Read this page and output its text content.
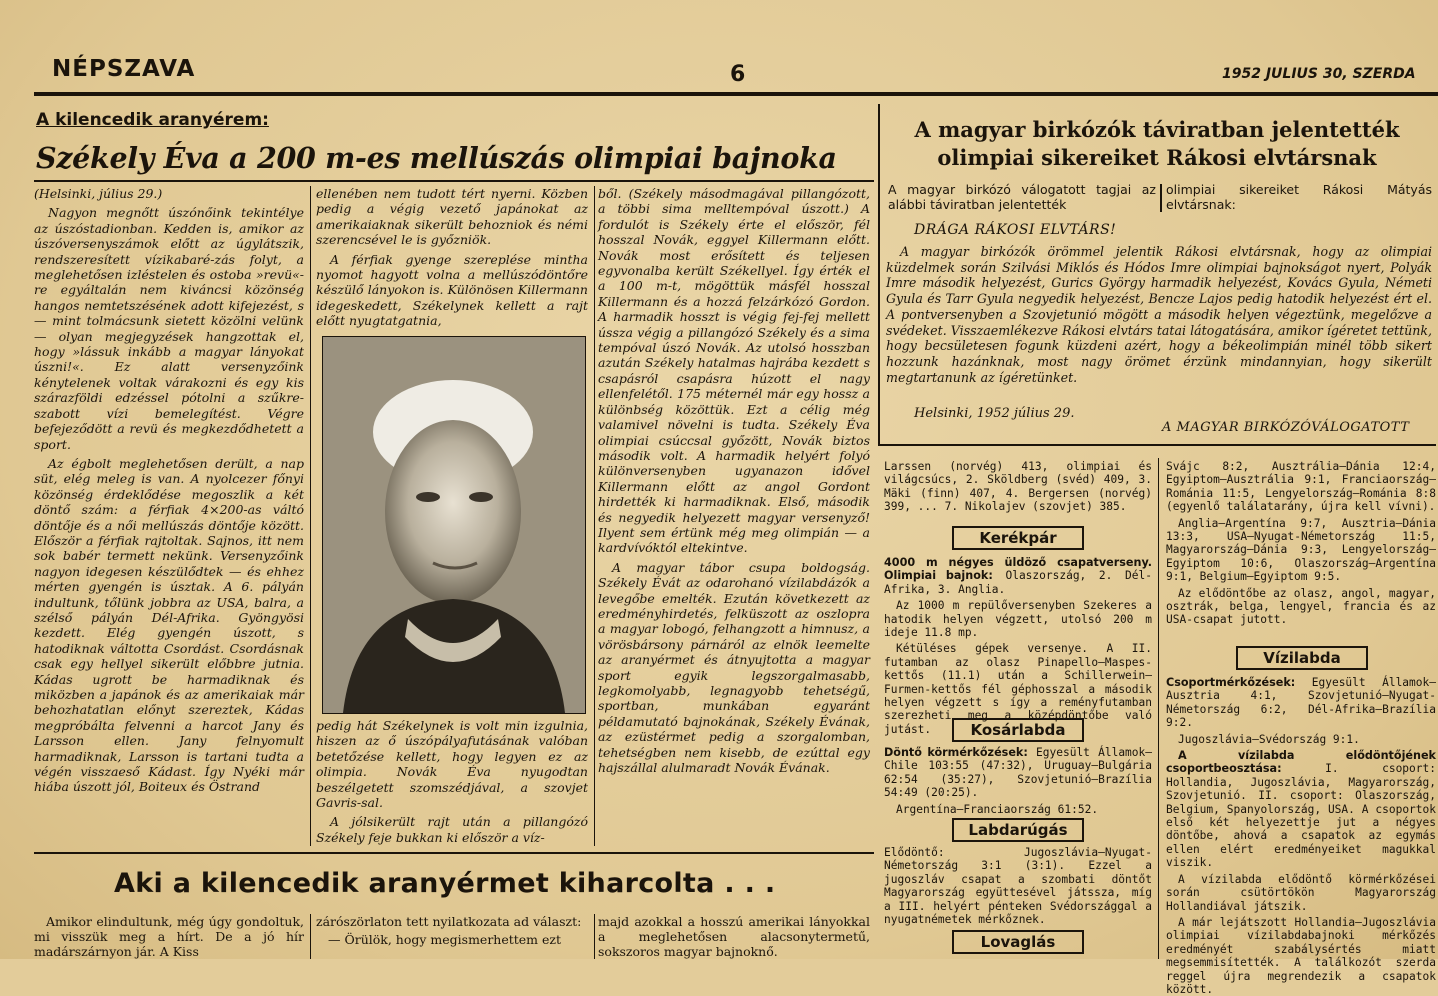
NÉPSZAVA	6	1952 JULIUS 30, SZERDA
A kilencedik aranyérem:
Székely Éva a 200 m-es mellúszás olimpiai bajnoka

(Helsinki, július 29.)

Nagyon megnőtt úszónőink tekintélye az úszóstadionban. Kedden is, amikor az úszóversenyszámok előtt az úgylátszik, rendszeresített vízikabaré-zás folyt, a meglehetősen izléstelen és ostoba »revü«-re egyáltalán nem kiváncsi közönség hangos nemtetszésének adott kifejezést, s — mint tolmácsunk sietett közölni velünk — olyan megjegyzések hangzottak el, hogy »lássuk inkább a magyar lányokat úszni!«. Ez alatt versenyzőink kénytelenek voltak várakozni és egy kis szárazföldi edzéssel pótolni a szűkre-szabott vízi bemelegítést. Végre befejeződött a revü és megkezdődhetett a sport.

Az égbolt meglehetősen derült, a nap süt, elég meleg is van. A nyolcezer főnyi közönség érdeklődése megoszlik a két döntő szám: a férfiak 4×200-as váltó döntője és a női mellúszás döntője között. Először a férfiak rajtoltak. Sajnos, itt nem sok babér termett nekünk. Versenyzőink nagyon idegesen készülődtek — és ehhez mérten gyengén is úsztak. A 6. pályán indultunk, tőlünk jobbra az USA, balra, a szélső pályán Dél-Afrika. Gyöngyösi kezdett. Elég gyengén úszott, s hatodiknak váltotta Csordást. Csordásnak csak egy hellyel sikerült előbbre jutnia. Kádas ugrott be harmadiknak és miközben a japánok és az amerikaiak már behozhatatlan előnyt szereztek, Kádas megpróbálta felvenni a harcot Jany és Larsson ellen. Jany felnyomult harmadiknak, Larsson is tartani tudta a végén visszaeső Kádast. Így Nyéki már hiába úszott jól, Boiteux és Östrand

ellenében nem tudott tért nyerni. Közben pedig a végig vezető japánokat az amerikaiaknak sikerült behozniok és némi szerencsével le is győzniök.

A férfiak gyenge szereplése mintha nyomot hagyott volna a mellúszódöntőre készülő lányokon is. Különösen Killermann idegeskedett, Székelynek kellett a rajt előtt nyugtatgatnia,

pedig hát Székelynek is volt min izgulnia, hiszen az ő úszópályafutásának valóban betetőzése kellett, hogy legyen ez az olimpia. Novák Éva nyugodtan beszélgetett szomszédjával, a szovjet Gavris-sal.

A jólsikerült rajt után a pillangózó Székely feje bukkan ki először a víz-

ből. (Székely másodmagával pillangózott, a többi sima melltempóval úszott.) A fordulót is Székely érte el először, fél hosszal Novák, eggyel Killermann előtt. Novák most erősített és teljesen egyvonalba került Székellyel. Így érték el a 100 m-t, mögöttük másfél hosszal Killermann és a hozzá felzárkózó Gordon. A harmadik hosszt is végig fej-fej mellett ússza végig a pillangózó Székely és a sima tempóval úszó Novák. Az utolsó hosszban azután Székely hatalmas hajrába kezdett s csapásról csapásra húzott el nagy ellenfelétől. 175 méternél már egy hossz a különbség közöttük. Ezt a célig még valamivel növelni is tudta. Székely Éva olimpiai csúccsal győzött, Novák biztos második volt. A harmadik helyért folyó különversenyben ugyanazon idővel Killermann előtt az angol Gordont hirdették ki harmadiknak. Első, második és negyedik helyezett magyar versenyző! Ilyent sem értünk még meg olimpián — a kardvívóktól eltekintve.

A magyar tábor csupa boldogság. Székely Évát az odarohanó vízilabdázók a levegőbe emelték. Ezután következett az eredményhirdetés, felküszott az oszlopra a magyar lobogó, felhangzott a himnusz, a vörösbársony párnáról az elnök leemelte az aranyérmet és átnyujtotta a magyar sport egyik legszorgalmasabb, legkomolyabb, legnagyobb tehetségű, sportban, munkában egyaránt példamutató bajnokának, Székely Évának, az ezüstérmet pedig a szorgalomban, tehetségben nem kisebb, de ezúttal egy hajszállal alulmaradt Novák Évának.

A magyar birkózók táviratban jelentették
olimpiai sikereiket Rákosi elvtársnak
A magyar birkózó válogatott tagjai az alábbi táviratban jelentették
olimpiai sikereiket Rákosi Mátyás elvtársnak:
DRÁGA RÁKOSI ELVTÁRS!

A magyar birkózók örömmel jelentik Rákosi elvtársnak, hogy az olimpiai küzdelmek során Szilvási Miklós és Hódos Imre olimpiai bajnokságot nyert, Polyák Imre második helyezést, Gurics György harmadik helyezést, Kovács Gyula, Németi Gyula és Tarr Gyula negyedik helyezést, Bencze Lajos pedig hatodik helyezést ért el. A pontversenyben a Szovjetunió mögött a második helyen végeztünk, megelőzve a svédeket. Visszaemlékezve Rákosi elvtárs tatai látogatására, amikor ígéretet tettünk, hogy becsületesen fogunk küzdeni azért, hogy a békeolimpián minél több sikert hozzunk hazánknak, most nagy örömet érzünk mindannyian, hogy sikerült megtartanunk az ígéretünket.

Helsinki, 1952 július 29.
A MAGYAR BIRKÓZÓVÁLOGATOTT

Larssen (norvég) 413, olimpiai és világcsúcs, 2. Sköldberg (svéd) 409, 3. Mäki (finn) 407, 4. Bergersen (norvég) 399, ... 7. Nikolajev (szovjet) 385.

Kerékpár

4000 m négyes üldöző csapatverseny. Olimpiai bajnok: Olaszország, 2. Dél-Afrika, 3. Anglia.

Az 1000 m repülőversenyben Szekeres a hatodik helyen végzett, utolsó 200 m ideje 11.8 mp.

Kétüléses gépek versenye. A II. futamban az olasz Pinapello—Maspes-kettős (11.1) után a Schillerwein—Furmen-kettős fél géphosszal a második helyen végzett s így a reményfutamban szerezheti meg a középdöntőbe való jutást.	Kosárlabda

Döntő körmérkőzések: Egyesült Államok—Chile 103:55 (47:32), Uruguay—Bulgária 62:54 (35:27), Szovjetunió—Brazília 54:49 (20:25).

Argentína—Franciaország 61:52.

Labdarúgás

Elődöntő: Jugoszlávia—Nyugat-Németország 3:1 (3:1). Ezzel a jugoszláv csapat a szombati döntőt Magyarország együttesével játssza, míg a III. helyért pénteken Svédországgal a nyugatnémetek mérkőznek.

Lovaglás

Svájc 8:2, Ausztrália—Dánia 12:4, Egyiptom—Ausztrália 9:1, Franciaország—Románia 11:5, Lengyelország—Románia 8:8 (egyenlő találatarány, újra kell vívni).

Anglia—Argentína 9:7, Ausztria—Dánia 13:3, USA—Nyugat-Németország 11:5, Magyarország—Dánia 9:3, Lengyelország—Egyiptom 10:6, Olaszország—Argentína 9:1, Belgium—Egyiptom 9:5.

Az elődöntőbe az olasz, angol, magyar, osztrák, belga, lengyel, francia és az USA-csapat jutott.

Vízilabda

Csoportmérkőzések: Egyesült Államok—Ausztria 4:1, Szovjetunió—Nyugat-Németország 6:2, Dél-Afrika—Brazília 9:2.

Jugoszlávia—Svédország 9:1.

A vízilabda elődöntőjének csoportbeosztása:	I. csoport: Hollandia, Jugoszlávia, Magyarország, Szovjetunió. II. csoport: Olaszország, Belgium, Spanyolország, USA. A csoportok első két helyezettje jut a négyes döntőbe, ahová a csapatok az egymás ellen elért eredményeiket magukkal viszik.

A vízilabda elődöntő körmérkőzései során csütörtökön Magyarország Hollandiával játszik.

A már lejátszott Hollandia—Jugoszlávia olimpiai vízilabdabajnoki mérkőzés eredményét szabálysértés miatt megsemmisítették. A találkozót szerda reggel újra megrendezik a csapatok között.

Aki a kilencedik aranyérmet kiharcolta . . .

Amikor elindultunk, még úgy gondoltuk, mi visszük meg a hírt. De a jó hír madárszárnyon jár. A Kiss

zárószörlaton tett nyilatkozata ad választ:

— Örülök, hogy megismerhettem ezt

majd azokkal a hosszú amerikai lányokkal a meglehetősen alacsonytermetű, sokszoros magyar bajnoknő.
